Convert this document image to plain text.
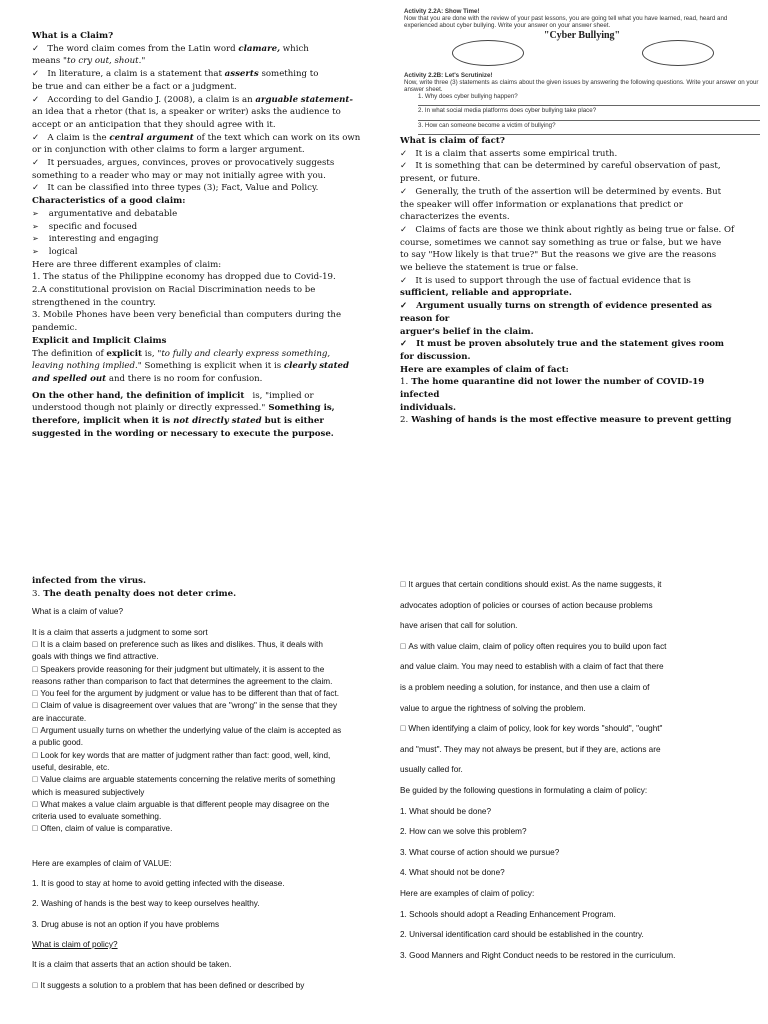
What is a Claim?

✓   The word claim comes from the Latin word clamare, which

means "to cry out, shout."

✓   In literature, a claim is a statement that asserts something to

be true and can either be a fact or a judgment.

✓   According to del Gandio J. (2008), a claim is an arguable statement- an idea that a rhetor (that is, a speaker or writer) asks the audience to

accept or an anticipation that they should agree with it.

✓   A claim is the central argument of the text which can work on its own or in conjunction with other claims to form a larger argument.

✓   It persuades, argues, convinces, proves or provocatively suggests something to a reader who may or may not initially agree with you.

✓   It can be classified into three types (3); Fact, Value and Policy.

Characteristics of a good claim:

➢ argumentative and debatable

➢ specific and focused

➢ interesting and engaging

➢ logical

Here are three different examples of claim:

1. The status of the Philippine economy has dropped due to Covid-19.

2.A constitutional provision on Racial Discrimination needs to be strengthened in the country.

3. Mobile Phones have been very beneficial than computers during the pandemic.

Explicit and Implicit Claims

The definition of explicit is, "to fully and clearly express something, leaving nothing implied." Something is explicit when it is clearly stated and spelled out and there is no room for confusion.

On the other hand, the definition of implicit   is, "implied or understood though not plainly or directly expressed." Something is, therefore, implicit when it is not directly stated but is either suggested in the wording or necessary to execute the purpose.

Activity 2.2A: Show Time!
Now that you are done with the review of your past lessons, you are going tell what you have learned, read, heard and experienced about cyber bullying. Write your answer on your answer sheet.
"Cyber Bullying"
Activity 2.2B: Let's Scrutinize!
Now, write three (3) statements as claims about the given issues by answering the following questions. Write your answer on your answer sheet.
1. Why does cyber bullying happen?
2. In what social media platforms does cyber bullying take place?
3. How can someone become a victim of bullying?

What is claim of fact?

✓   It is a claim that asserts some empirical truth.

✓   It is something that can be determined by careful observation of past,

present, or future.

✓   Generally, the truth of the assertion will be determined by events. But

the speaker will offer information or explanations that predict or characterizes the events.

✓   Claims of facts are those we think about rightly as being true or false. Of

course, sometimes we cannot say something as true or false, but we have

to say "How likely is that true?" But the reasons we give are the reasons

we believe the statement is true or false.

✓   It is used to support through the use of factual evidence that is

sufficient, reliable and appropriate.

✓   Argument usually turns on strength of evidence presented as reason for

arguer's belief in the claim.

✓   It must be proven absolutely true and the statement gives room for discussion.

Here are examples of claim of fact:

1. The home quarantine did not lower the number of COVID-19 infected

individuals.

2. Washing of hands is the most effective measure to prevent getting

infected from the virus.

3. The death penalty does not deter crime.

What is a claim of value?

It is a claim that asserts a judgment to some sort

􏰀 It is a claim based on preference such as likes and dislikes. Thus, it deals with goals with things we find attractive.

􏰀 Speakers provide reasoning for their judgment but ultimately, it is assent to the reasons rather than comparison to fact that determines the agreement to the claim.

􏰀 You feel for the argument by judgment or value has to be different than that of fact.

􏰀 Claim of value is disagreement over values that are "wrong" in the sense that they are inaccurate.

􏰀 Argument usually turns on whether the underlying value of the claim is accepted as a public good.

􏰀 Look for key words that are matter of judgment rather than fact: good, well, kind, useful, desirable, etc.

􏰀 Value claims are arguable statements concerning the relative merits of something which is measured subjectively

􏰀 What makes a value claim arguable is that different people may disagree on the criteria used to evaluate something.

􏰀 Often, claim of value is comparative.

Here are examples of claim of VALUE:

1. It is good to stay at home to avoid getting infected with the disease.

2. Washing of hands is the best way to keep ourselves healthy.

3. Drug abuse is not an option if you have problems

What is claim of policy?

It is a claim that asserts that an action should be taken.

􏰀 It suggests a solution to a problem that has been defined or described by

􏰀 It argues that certain conditions should exist. As the name suggests, it

advocates adoption of policies or courses of action because problems

have arisen that call for solution.

􏰀 As with value claim, claim of policy often requires you to build upon fact

and value claim. You may need to establish with a claim of fact that there

is a problem needing a solution, for instance, and then use a claim of

value to argue the rightness of solving the problem.

􏰀 When identifying a claim of policy, look for key words "should", "ought"

and "must". They may not always be present, but if they are, actions are

usually called for.

Be guided by the following questions in formulating a claim of policy:

1. What should be done?

2. How can we solve this problem?

3. What course of action should we pursue?

4. What should not be done?

Here are examples of claim of policy:

1. Schools should adopt a Reading Enhancement Program.

2. Universal identification card should be established in the country.

3. Good Manners and Right Conduct needs to be restored in the curriculum.
